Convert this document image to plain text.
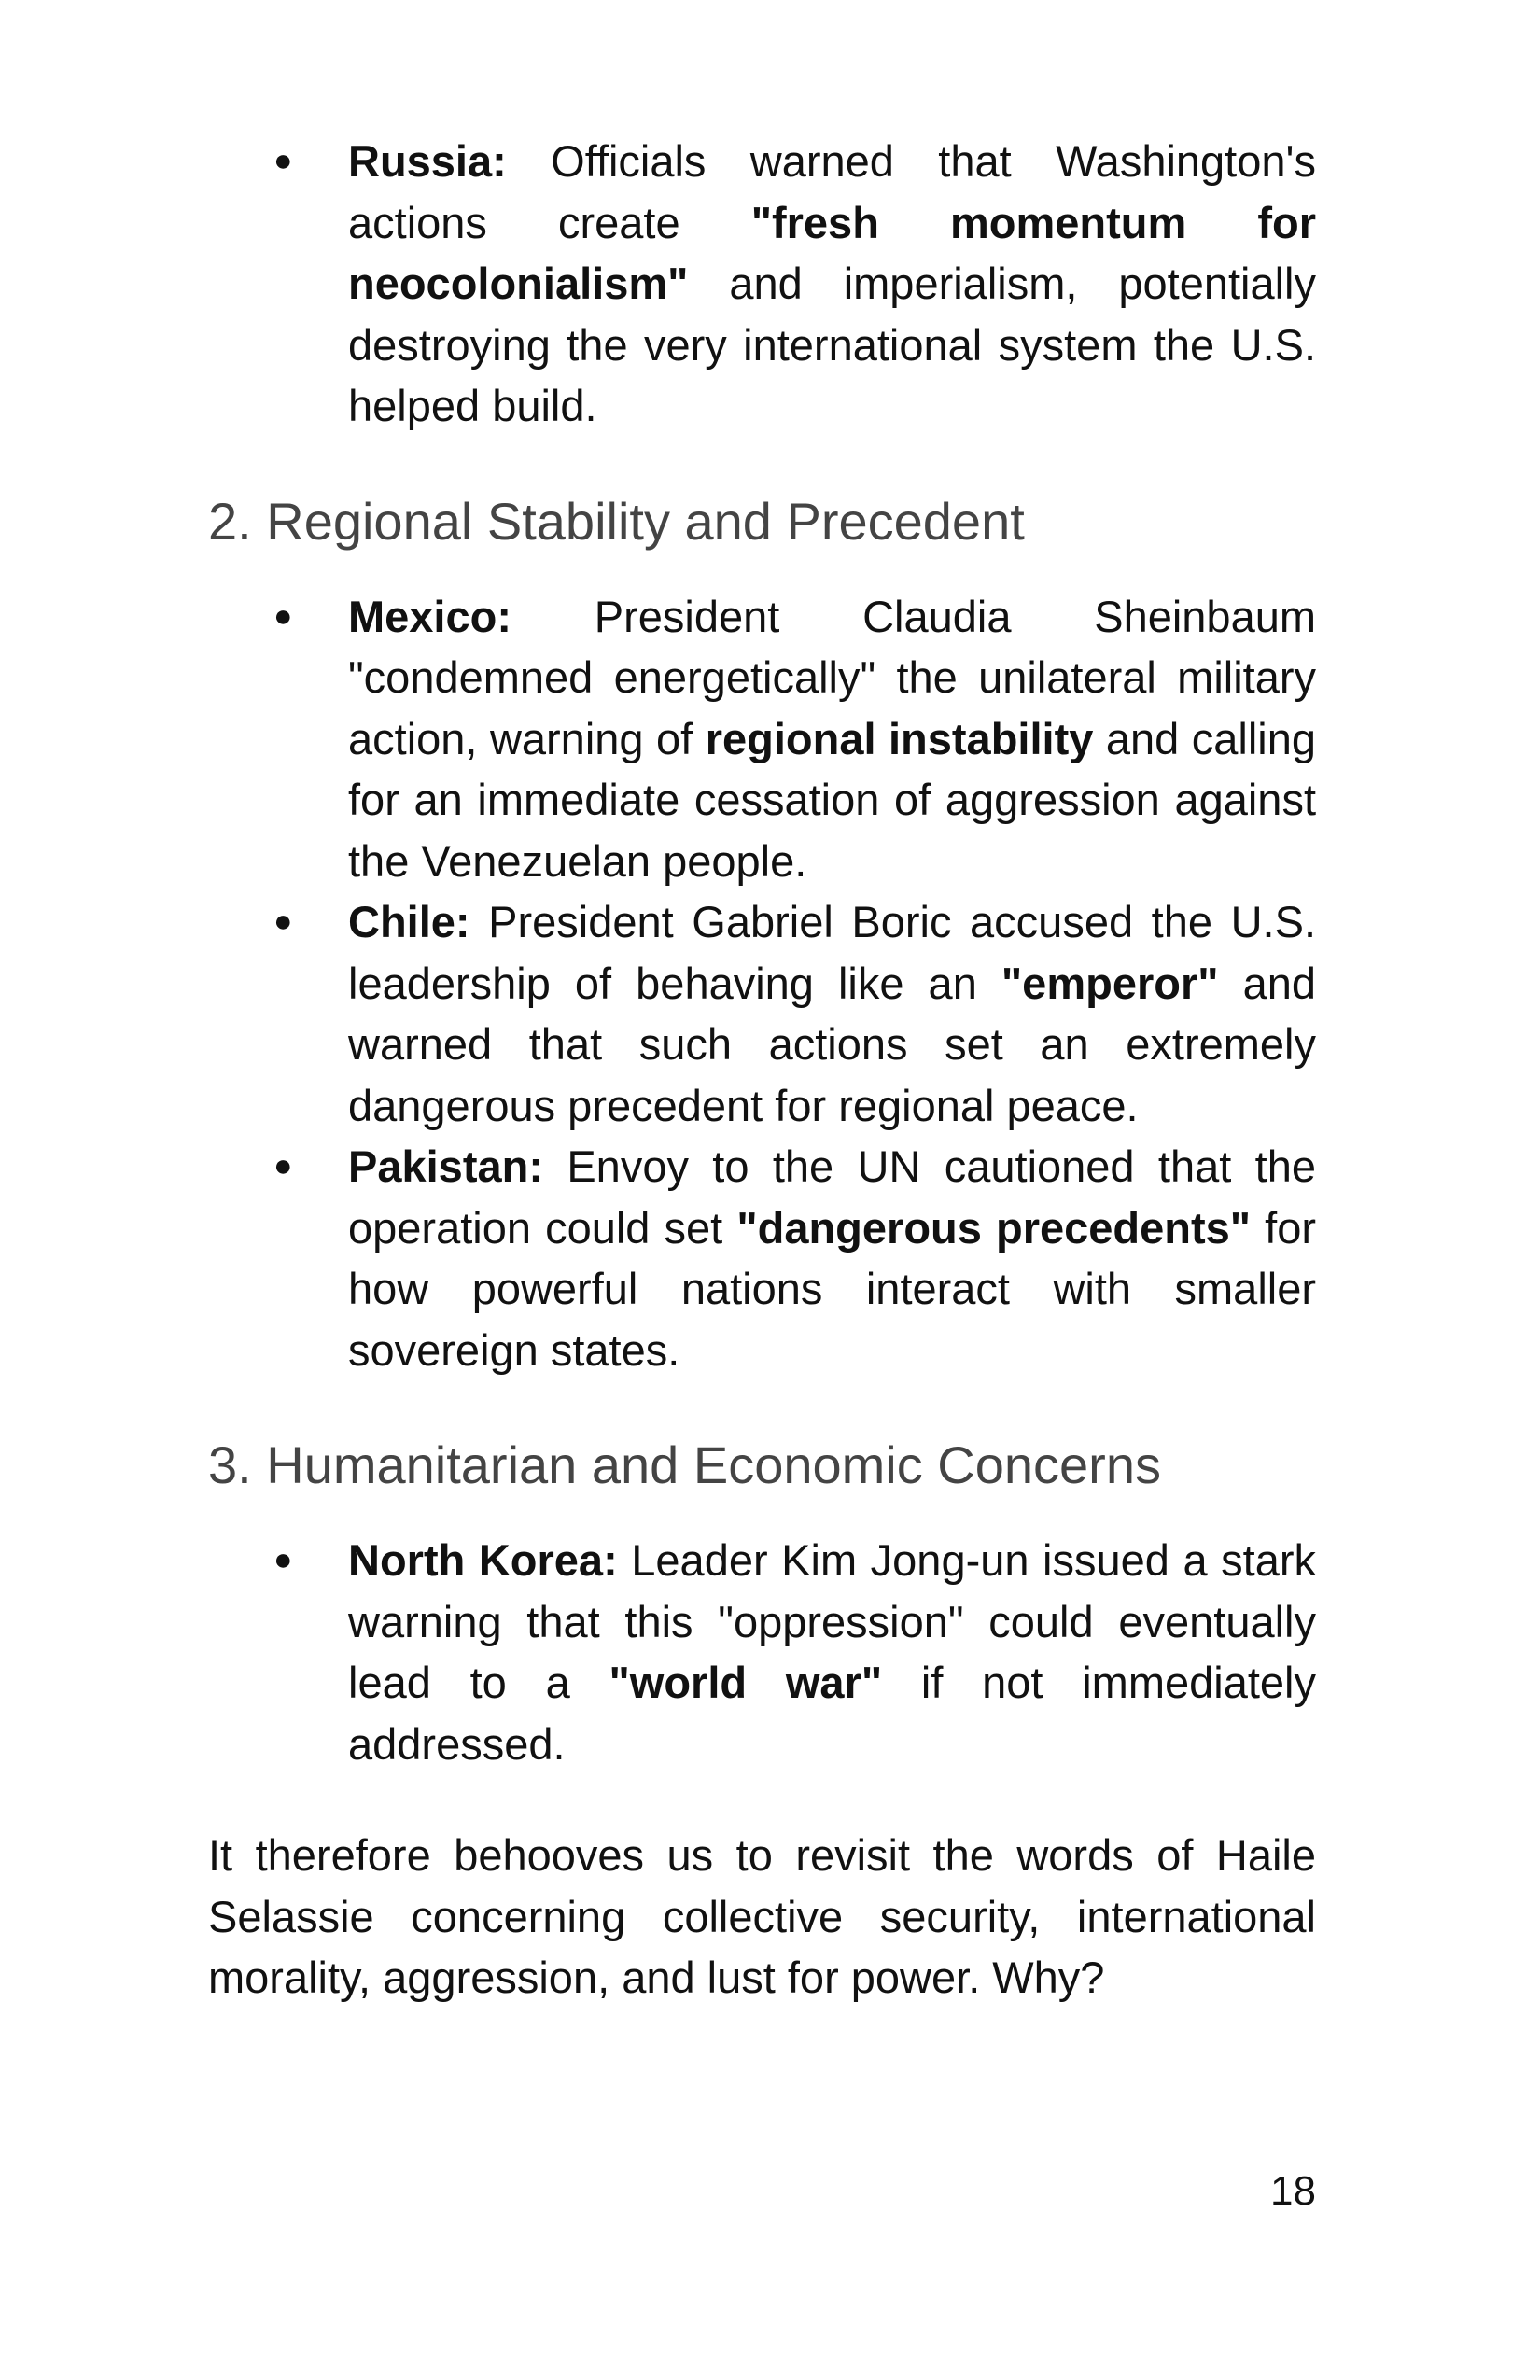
●	Russia: Officials warned that Washington's actions create "fresh momentum for neocolonialism" and imperialism, potentially destroying the very international system the U.S. helped build.
2. Regional Stability and Precedent
●	Mexico: President Claudia Sheinbaum "condemned energetically" the unilateral military action, warning of regional instability and calling for an immediate cessation of aggression against the Venezuelan people.
●	Chile: President Gabriel Boric accused the U.S. leadership of behaving like an "emperor" and warned that such actions set an extremely dangerous precedent for regional peace.
●	Pakistan: Envoy to the UN cautioned that the operation could set "dangerous precedents" for how powerful nations interact with smaller sovereign states.
3. Humanitarian and Economic Concerns
●	North Korea: Leader Kim Jong-un issued a stark warning that this "oppression" could eventually lead to a "world war" if not immediately addressed.

It therefore behooves us to revisit the words of Haile Selassie concerning collective security, international morality, aggression, and lust for power. Why?

18
